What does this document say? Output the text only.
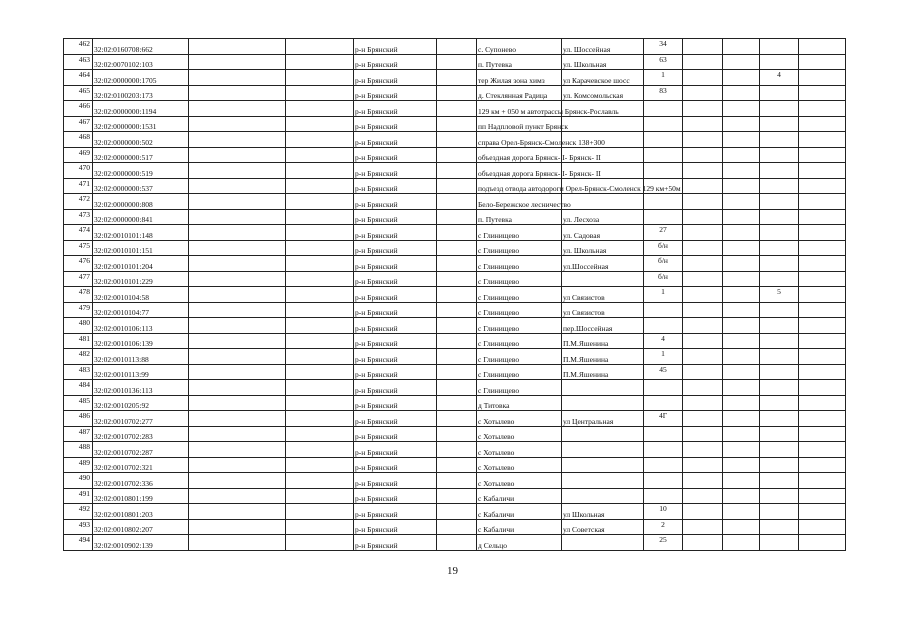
462	32:02:0160708:662			р-н Брянский		с. Супонево	ул. Шоссейная	34				
463	32:02:0070102:103			р-н Брянский		п. Путевка	ул. Школьная	63				
464	32:02:0000000:1705			р-н Брянский		тер Жилая зона химз	ул Карачевское шосс	1			4	
465	32:02:0100203:173			р-н Брянский		д. Стеклянная Радица	ул. Комсомольская	83				
466	32:02:0000000:1194			р-н Брянский		129 км + 050 м автотрассы Брянск-Рославль						
467	32:02:0000000:1531			р-н Брянский		пп Надпловой пункт Брянск						
468	32:02:0000000:502			р-н Брянский		справа Орел-Брянск-Смоленск 138+300						
469	32:02:0000000:517			р-н Брянский		объездная дорога Брянск- I- Брянск- II						
470	32:02:0000000:519			р-н Брянский		объездная дорога Брянск- I- Брянск- II						
471	32:02:0000000:537			р-н Брянский		подъезд отвода автодороги Орел-Брянск-Смоленск 129 км+50м						
472	32:02:0000000:808			р-н Брянский		Бело-Бережское лесничество						
473	32:02:0000000:841			р-н Брянский		п. Путевка	ул. Лесхоза					
474	32:02:0010101:148			р-н Брянский		с Глинищево	ул. Садовая	27				
475	32:02:0010101:151			р-н Брянский		с Глинищево	ул. Школьная	б/н				
476	32:02:0010101:204			р-н Брянский		с Глинищево	ул.Шоссейная	б/н				
477	32:02:0010101:229			р-н Брянский		с Глинищево		б/н				
478	32:02:0010104:58			р-н Брянский		с Глинищево	ул Связистов	1			5	
479	32:02:0010104:77			р-н Брянский		с Глинищево	ул Связистов					
480	32:02:0010106:113			р-н Брянский		с Глинищево	пер.Шоссейная					
481	32:02:0010106:139			р-н Брянский		с Глинищево	П.М.Яшенина	4				
482	32:02:0010113:88			р-н Брянский		с Глинищево	П.М.Яшенина	1				
483	32:02:0010113:99			р-н Брянский		с Глинищево	П.М.Яшенина	45				
484	32:02:0010136:113			р-н Брянский		с Глинищево						
485	32:02:0010205:92			р-н Брянский		д Титовка						
486	32:02:0010702:277			р-н Брянский		с Хотылево	ул Центральная	4Г				
487	32:02:0010702:283			р-н Брянский		с Хотылево						
488	32:02:0010702:287			р-н Брянский		с Хотылево						
489	32:02:0010702:321			р-н Брянский		с Хотылево						
490	32:02:0010702:336			р-н Брянский		с Хотылево						
491	32:02:0010801:199			р-н Брянский		с Кабаличи						
492	32:02:0010801:203			р-н Брянский		с Кабаличи	ул Школьная	10				
493	32:02:0010802:207			р-н Брянский		с Кабаличи	ул Советская	2				
494	32:02:0010902:139			р-н Брянский		д Сельцо		25				
19
